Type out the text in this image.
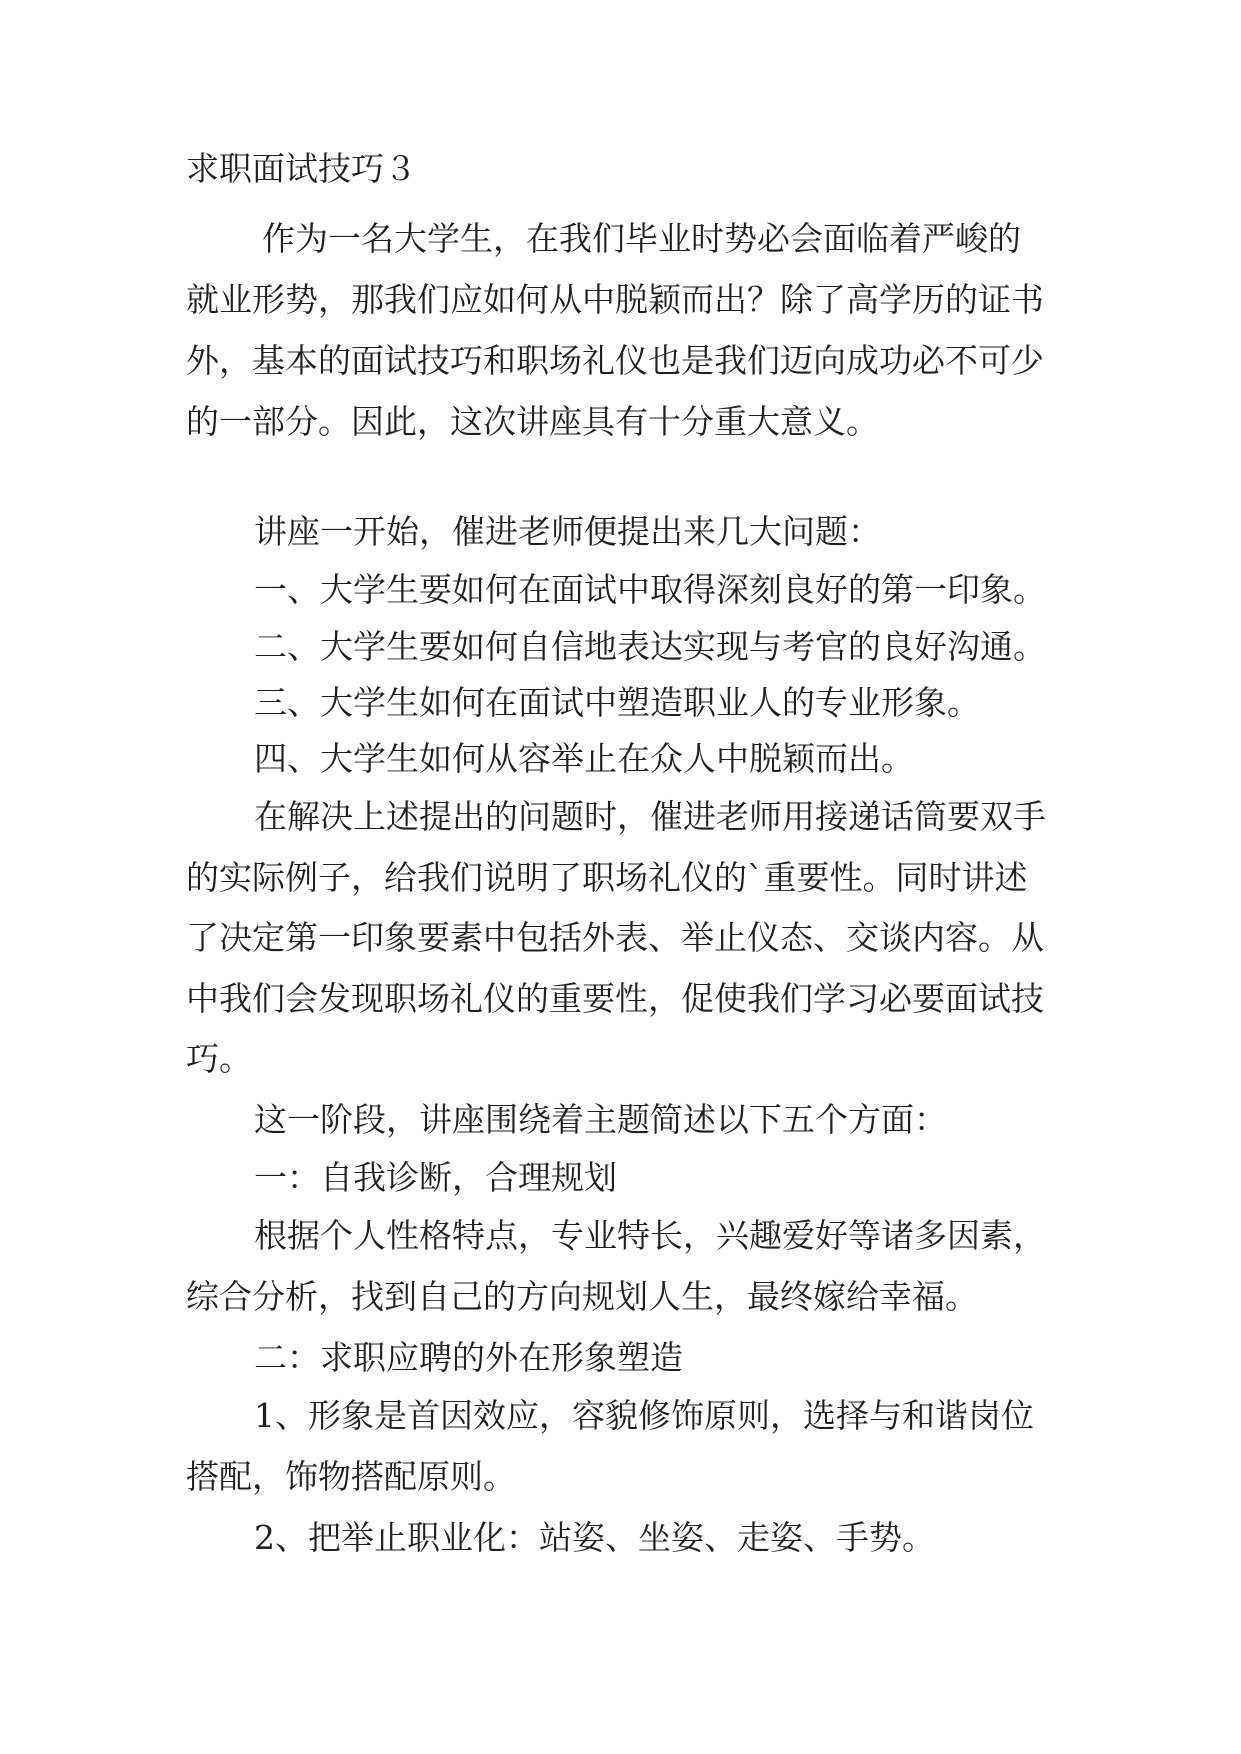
求职面试技巧３
作为一名大学生，在我们毕业时势必会面临着严峻的
就业形势，那我们应如何从中脱颖而出？除了高学历的证书
外，基本的面试技巧和职场礼仪也是我们迈向成功必不可少
的一部分。因此，这次讲座具有十分重大意义。
讲座一开始，催进老师便提出来几大问题：
一、大学生要如何在面试中取得深刻良好的第一印象。
二、大学生要如何自信地表达实现与考官的良好沟通。
三、大学生如何在面试中塑造职业人的专业形象。
四、大学生如何从容举止在众人中脱颖而出。
在解决上述提出的问题时，催进老师用接递话筒要双手
的实际例子，给我们说明了职场礼仪的`重要性。同时讲述
了决定第一印象要素中包括外表、举止仪态、交谈内容。从
中我们会发现职场礼仪的重要性，促使我们学习必要面试技
巧。
这一阶段，讲座围绕着主题简述以下五个方面：
一：自我诊断，合理规划
根据个人性格特点，专业特长，兴趣爱好等诸多因素，
综合分析，找到自己的方向规划人生，最终嫁给幸福。
二：求职应聘的外在形象塑造
1、形象是首因效应，容貌修饰原则，选择与和谐岗位
搭配，饰物搭配原则。
2、把举止职业化：站姿、坐姿、走姿、手势。
